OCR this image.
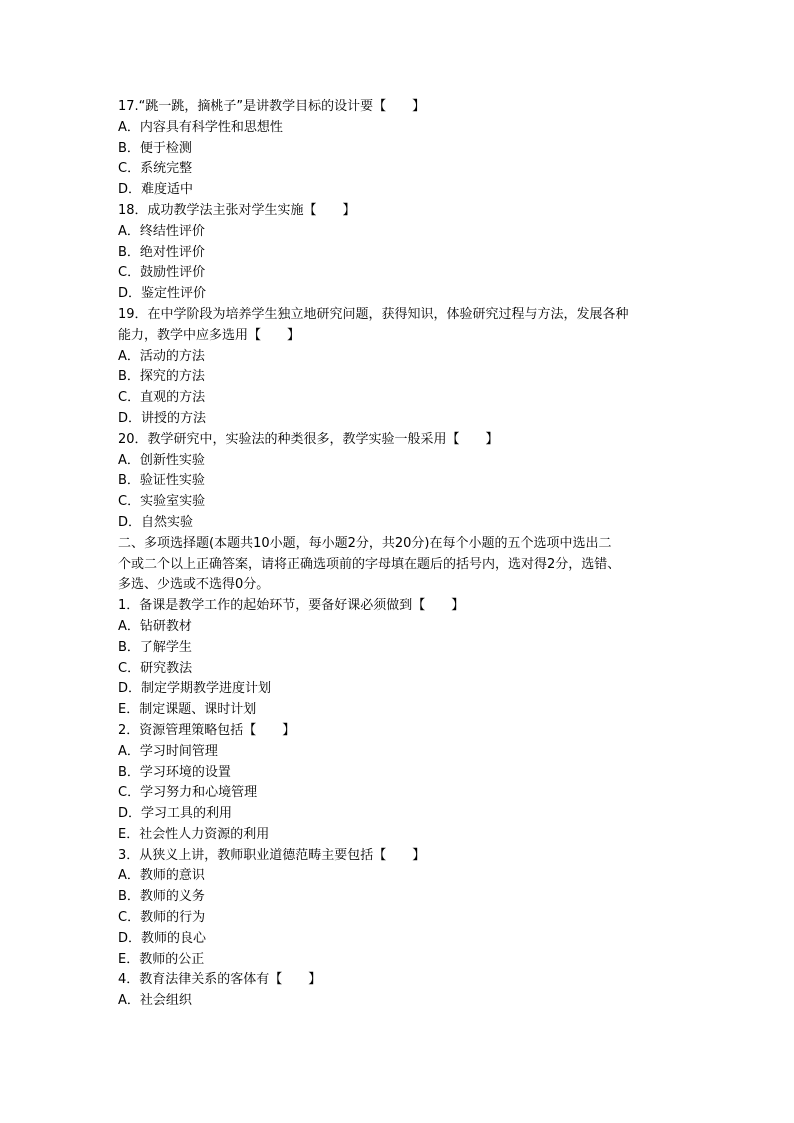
17.“跳一跳，摘桃子”是讲教学目标的设计要【　　】
A．内容具有科学性和思想性
B．便于检测
C．系统完整
D．难度适中
18．成功教学法主张对学生实施【　　】
A．终结性评价
B．绝对性评价
C．鼓励性评价
D．鉴定性评价
19．在中学阶段为培养学生独立地研究问题，获得知识，体验研究过程与方法，发展各种
能力，教学中应多选用【　　】
A．活动的方法
B．探究的方法
C．直观的方法
D．讲授的方法
20．教学研究中，实验法的种类很多，教学实验一般采用【　　】
A．创新性实验
B．验证性实验
C．实验室实验
D．自然实验
二、多项选择题(本题共10小题，每小题2分，共20分)在每个小题的五个选项中选出二
个或二个以上正确答案，请将正确选项前的字母填在题后的括号内，选对得2分，选错、
多选、少选或不选得0分。
1．备课是教学工作的起始环节，要备好课必须做到【　　】
A．钻研教材
B．了解学生
C．研究教法
D．制定学期教学进度计划
E．制定课题、课时计划
2．资源管理策略包括【　　】
A．学习时间管理
B．学习环境的设置
C．学习努力和心境管理
D．学习工具的利用
E．社会性人力资源的利用
3．从狭义上讲，教师职业道德范畴主要包括【　　】
A．教师的意识
B．教师的义务
C．教师的行为
D．教师的良心
E．教师的公正
4．教育法律关系的客体有【　　】
A．社会组织
